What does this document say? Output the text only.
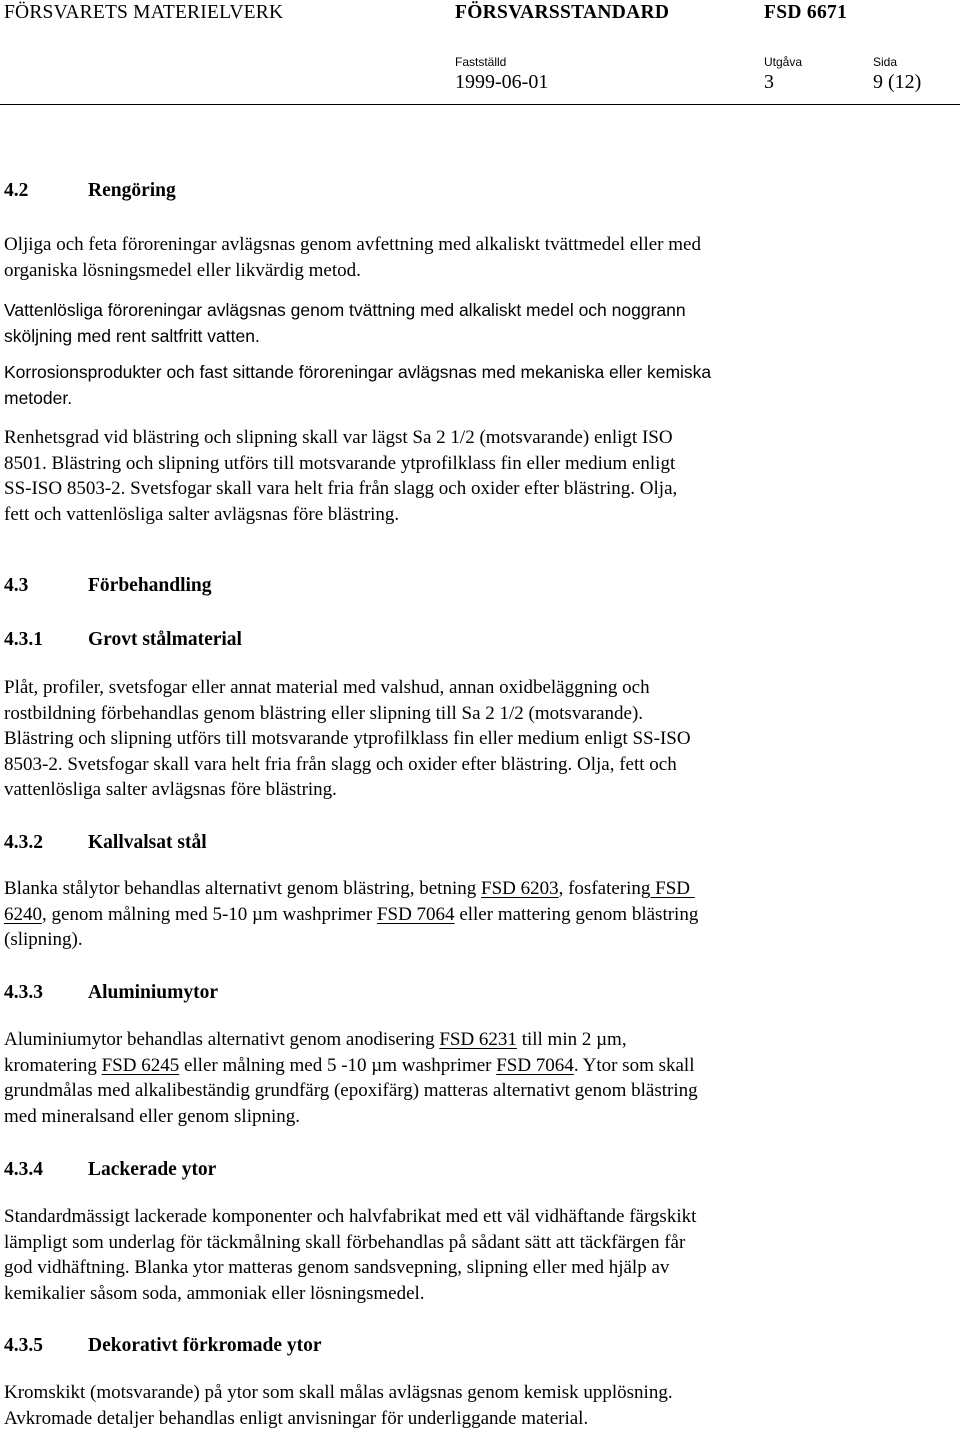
FÖRSVARETS MATERIELVERK	FÖRSVARSSTANDARD	FSD 6671
Fastställd
1999-06-01
Utgåva
3
Sida
9 (12)
4.2	Rengöring
Oljiga och feta föroreningar avlägsnas genom avfettning med alkaliskt tvättmedel eller med
organiska lösningsmedel eller likvärdig metod.
Vattenlösliga föroreningar avlägsnas genom tvättning med alkaliskt medel och noggrann
sköljning med rent saltfritt vatten.
Korrosionsprodukter och fast sittande föroreningar avlägsnas med mekaniska eller kemiska
metoder.
Renhetsgrad vid blästring och slipning skall var lägst Sa 2 1/2 (motsvarande) enligt ISO
8501. Blästring och slipning utförs till motsvarande ytprofilklass fin eller medium enligt
SS-ISO 8503-2. Svetsfogar skall vara helt fria från slagg och oxider efter blästring. Olja,
fett och vattenlösliga salter avlägsnas före blästring.
4.3	Förbehandling
4.3.1 Grovt stålmaterial
Plåt, profiler, svetsfogar eller annat material med valshud, annan oxidbeläggning och
rostbildning förbehandlas genom blästring eller slipning till Sa 2 1/2 (motsvarande).
Blästring och slipning utförs till motsvarande ytprofilklass fin eller medium enligt SS-ISO
8503-2. Svetsfogar skall vara helt fria från slagg och oxider efter blästring. Olja, fett och
vattenlösliga salter avlägsnas före blästring.
4.3.2 Kallvalsat stål
Blanka stålytor behandlas alternativt genom blästring, betning FSD 6203, fosfatering FSD
6240, genom målning med 5-10 µm washprimer FSD 7064 eller mattering genom blästring
(slipning).
4.3.3 Aluminiumytor
Aluminiumytor behandlas alternativt genom anodisering FSD 6231 till min 2 µm,
kromatering FSD 6245 eller målning med 5 -10 µm washprimer FSD 7064. Ytor som skall
grundmålas med alkalibeständig grundfärg (epoxifärg) matteras alternativt genom blästring
med mineralsand eller genom slipning.
4.3.4 Lackerade ytor
Standardmässigt lackerade komponenter och halvfabrikat med ett väl vidhäftande färgskikt
lämpligt som underlag för täckmålning skall förbehandlas på sådant sätt att täckfärgen får
god vidhäftning. Blanka ytor matteras genom sandsvepning, slipning eller med hjälp av
kemikalier såsom soda, ammoniak eller lösningsmedel.
4.3.5 Dekorativt förkromade ytor
Kromskikt (motsvarande) på ytor som skall målas avlägsnas genom kemisk upplösning.
Avkromade detaljer behandlas enligt anvisningar för underliggande material.
